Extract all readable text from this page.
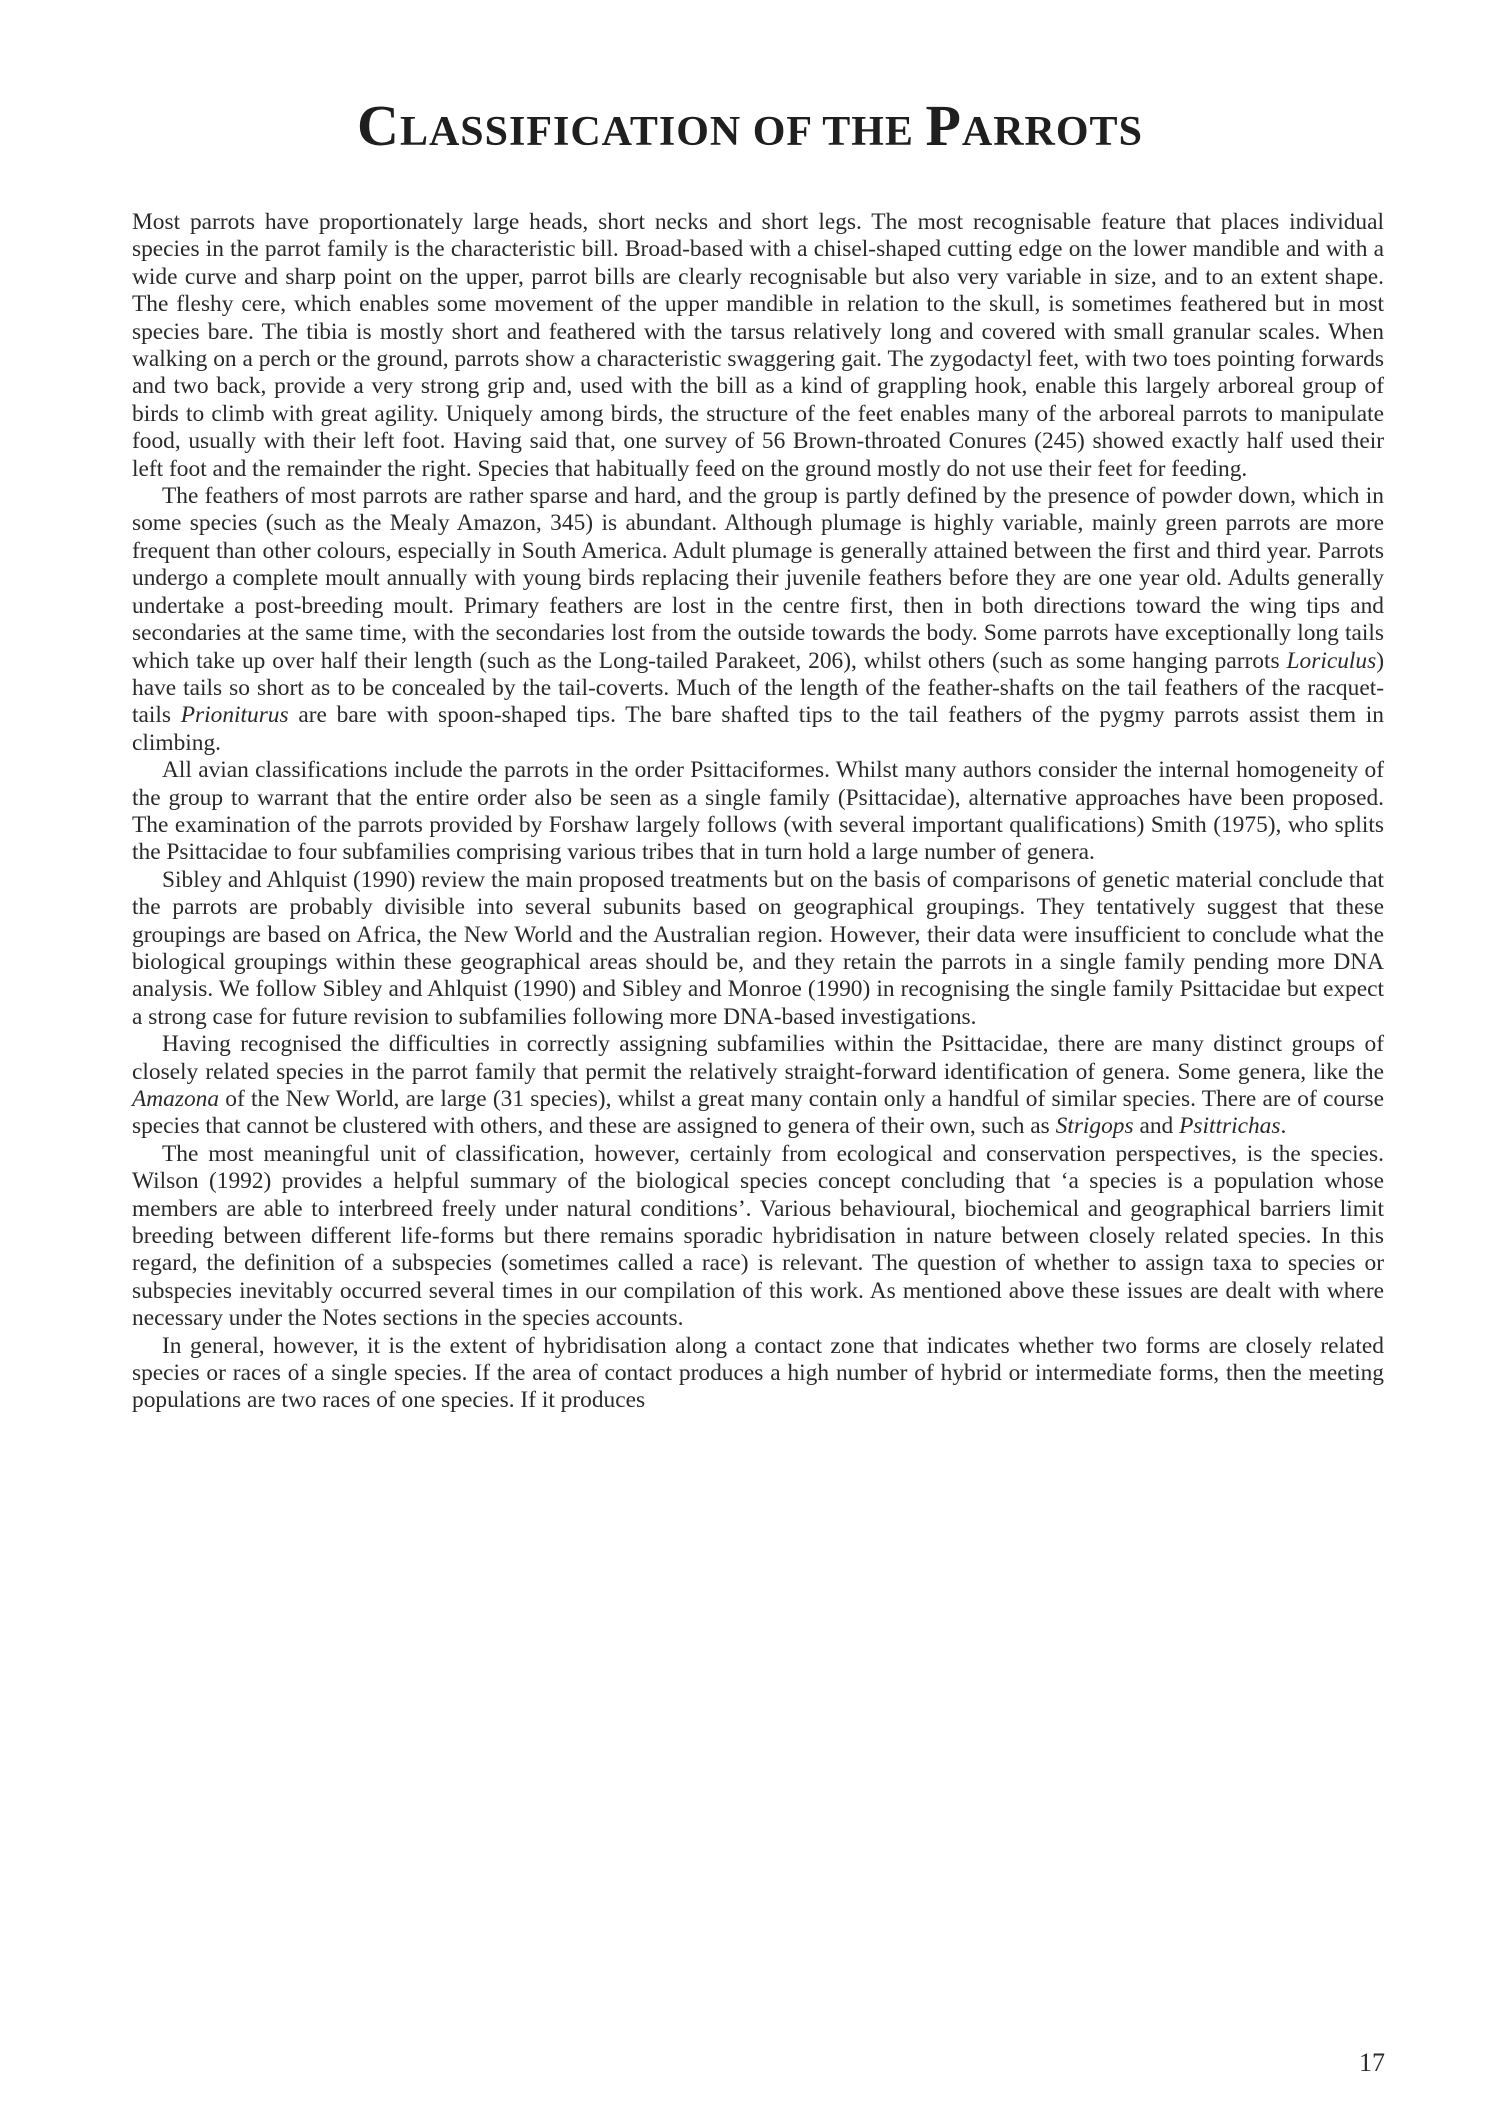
CLASSIFICATION OF THE PARROTS

Most parrots have proportionately large heads, short necks and short legs. The most recognisable feature that places individual species in the parrot family is the characteristic bill. Broad-based with a chisel-shaped cutting edge on the lower mandible and with a wide curve and sharp point on the upper, parrot bills are clearly recognisable but also very variable in size, and to an extent shape. The fleshy cere, which enables some movement of the upper mandible in relation to the skull, is sometimes feathered but in most species bare. The tibia is mostly short and feathered with the tarsus relatively long and covered with small granular scales. When walking on a perch or the ground, parrots show a characteristic swaggering gait. The zygodactyl feet, with two toes pointing forwards and two back, provide a very strong grip and, used with the bill as a kind of grappling hook, enable this largely arboreal group of birds to climb with great agility. Uniquely among birds, the structure of the feet enables many of the arboreal parrots to manipulate food, usually with their left foot. Having said that, one survey of 56 Brown-throated Conures (245) showed exactly half used their left foot and the remainder the right. Species that habitually feed on the ground mostly do not use their feet for feeding.

The feathers of most parrots are rather sparse and hard, and the group is partly defined by the presence of powder down, which in some species (such as the Mealy Amazon, 345) is abundant. Although plumage is highly variable, mainly green parrots are more frequent than other colours, especially in South America. Adult plumage is generally attained between the first and third year. Parrots undergo a complete moult annually with young birds replacing their juvenile feathers before they are one year old. Adults generally undertake a post-breeding moult. Primary feathers are lost in the centre first, then in both directions toward the wing tips and secondaries at the same time, with the secondaries lost from the outside towards the body. Some parrots have exceptionally long tails which take up over half their length (such as the Long-tailed Parakeet, 206), whilst others (such as some hanging parrots Loriculus) have tails so short as to be concealed by the tail-coverts. Much of the length of the feather-shafts on the tail feathers of the racquet-tails Prioniturus are bare with spoon-shaped tips. The bare shafted tips to the tail feathers of the pygmy parrots assist them in climbing.

All avian classifications include the parrots in the order Psittaciformes. Whilst many authors consider the internal homogeneity of the group to warrant that the entire order also be seen as a single family (Psittacidae), alternative approaches have been proposed. The examination of the parrots provided by Forshaw largely follows (with several important qualifications) Smith (1975), who splits the Psittacidae to four subfamilies comprising various tribes that in turn hold a large number of genera.

Sibley and Ahlquist (1990) review the main proposed treatments but on the basis of comparisons of genetic material conclude that the parrots are probably divisible into several subunits based on geographical groupings. They tentatively suggest that these groupings are based on Africa, the New World and the Australian region. However, their data were insufficient to conclude what the biological groupings within these geographical areas should be, and they retain the parrots in a single family pending more DNA analysis. We follow Sibley and Ahlquist (1990) and Sibley and Monroe (1990) in recognising the single family Psittacidae but expect a strong case for future revision to subfamilies following more DNA-based investigations.

Having recognised the difficulties in correctly assigning subfamilies within the Psittacidae, there are many distinct groups of closely related species in the parrot family that permit the relatively straight-forward identification of genera. Some genera, like the Amazona of the New World, are large (31 species), whilst a great many contain only a handful of similar species. There are of course species that cannot be clustered with others, and these are assigned to genera of their own, such as Strigops and Psittrichas.

The most meaningful unit of classification, however, certainly from ecological and conservation perspectives, is the species. Wilson (1992) provides a helpful summary of the biological species concept concluding that ‘a species is a population whose members are able to interbreed freely under natural conditions’. Various behavioural, biochemical and geographical barriers limit breeding between different life-forms but there remains sporadic hybridisation in nature between closely related species. In this regard, the definition of a subspecies (sometimes called a race) is relevant. The question of whether to assign taxa to species or subspecies inevitably occurred several times in our compilation of this work. As mentioned above these issues are dealt with where necessary under the Notes sections in the species accounts.

In general, however, it is the extent of hybridisation along a contact zone that indicates whether two forms are closely related species or races of a single species. If the area of contact produces a high number of hybrid or intermediate forms, then the meeting populations are two races of one species. If it produces

17
